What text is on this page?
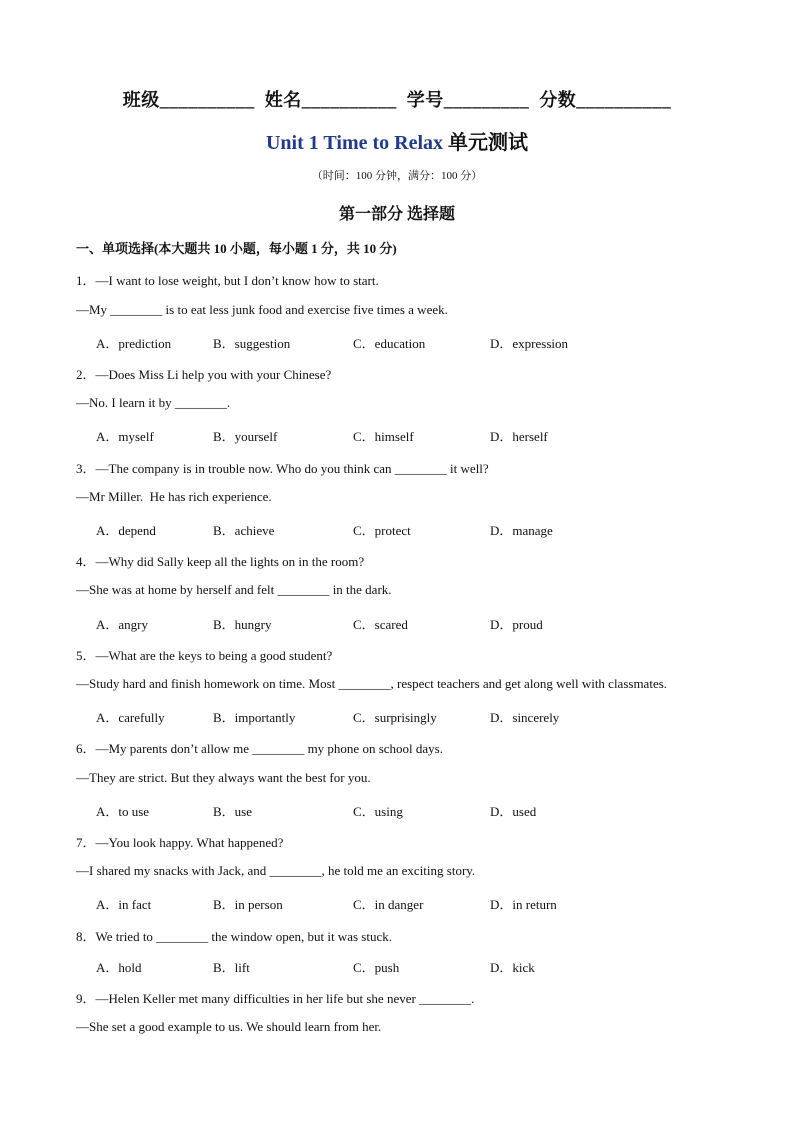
班级__________  姓名__________  学号_________  分数__________
Unit 1 Time to Relax 单元测试
（时间：100 分钟，满分：100 分）
第一部分 选择题
一、单项选择(本大题共 10 小题，每小题 1 分，共 10 分)
1．—I want to lose weight, but I don’t know how to start.
—My ________ is to eat less junk food and exercise five times a week.
A．prediction	B．suggestion	C．education	D．expression
2．—Does Miss Li help you with your Chinese?
—No. I learn it by ________.
A．myself	B．yourself	C．himself	D．herself
3．—The company is in trouble now. Who do you think can ________ it well?
—Mr Miller.  He has rich experience.
A．depend	B．achieve	C．protect	D．manage
4．—Why did Sally keep all the lights on in the room?
—She was at home by herself and felt ________ in the dark.
A．angry	B．hungry	C．scared	D．proud
5．—What are the keys to being a good student?
—Study hard and finish homework on time. Most ________, respect teachers and get along well with classmates.
A．carefully	B．importantly	C．surprisingly	D．sincerely
6．—My parents don’t allow me ________ my phone on school days.
—They are strict. But they always want the best for you.
A．to use	B．use	C．using	D．used
7．—You look happy. What happened?
—I shared my snacks with Jack, and ________, he told me an exciting story.
A．in fact	B．in person	C．in danger	D．in return
8．We tried to ________ the window open, but it was stuck.
A．hold	B．lift	C．push	D．kick
9．—Helen Keller met many difficulties in her life but she never ________.
—She set a good example to us. We should learn from her.
